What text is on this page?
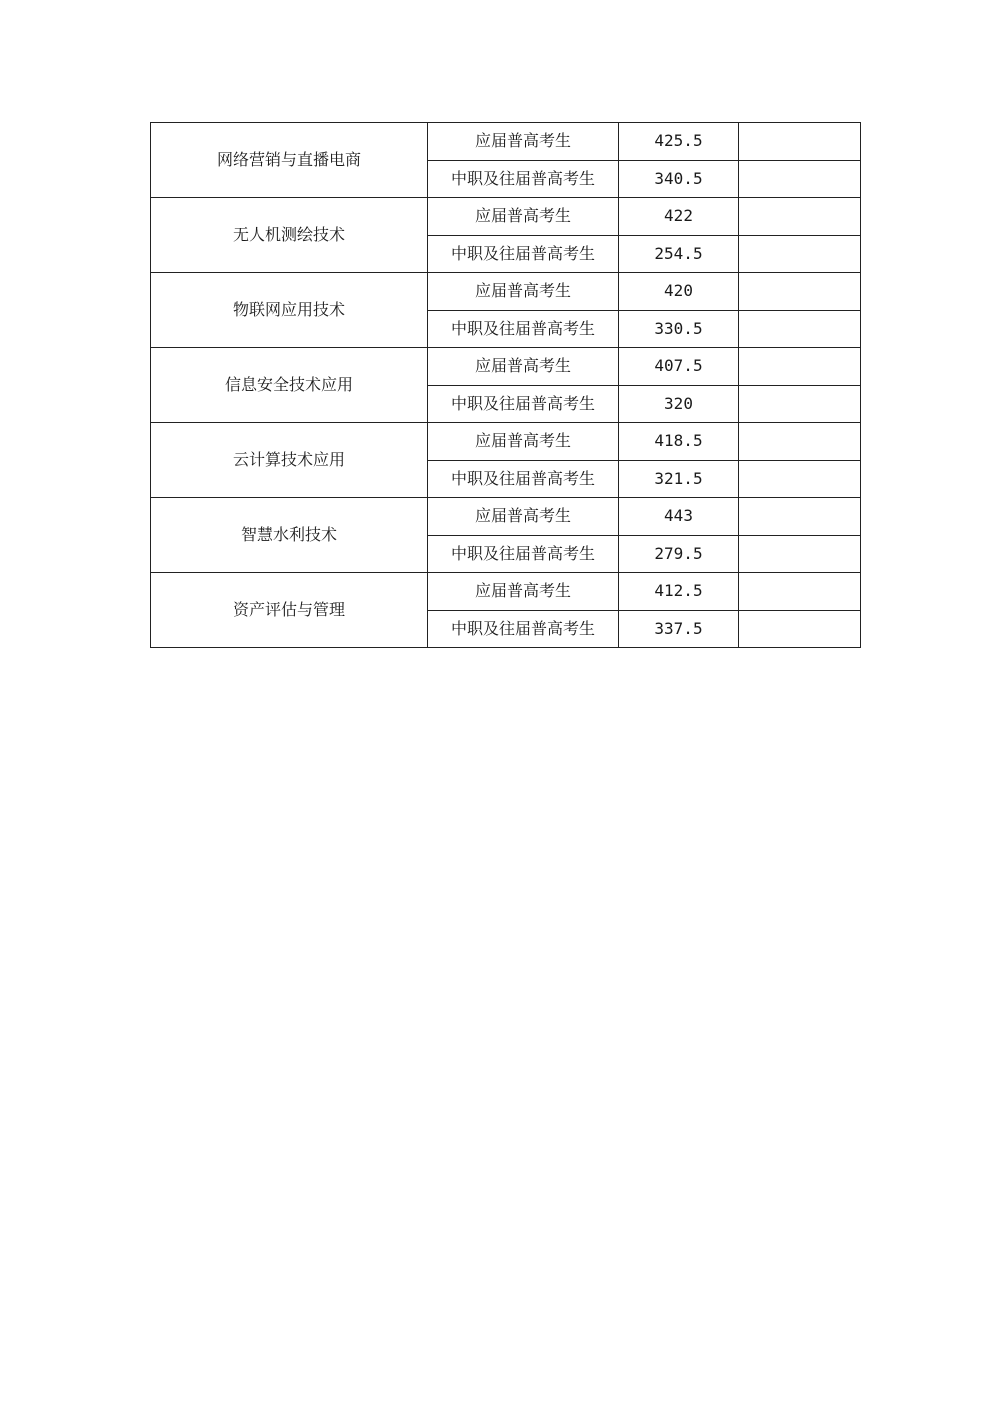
网络营销与直播电商	应届普高考生	425.5	
	中职及往届普高考生	340.5	
无人机测绘技术	应届普高考生	422	
	中职及往届普高考生	254.5	
物联网应用技术	应届普高考生	420	
	中职及往届普高考生	330.5	
信息安全技术应用	应届普高考生	407.5	
	中职及往届普高考生	320	
云计算技术应用	应届普高考生	418.5	
	中职及往届普高考生	321.5	
智慧水利技术	应届普高考生	443	
	中职及往届普高考生	279.5	
资产评估与管理	应届普高考生	412.5	
	中职及往届普高考生	337.5	
